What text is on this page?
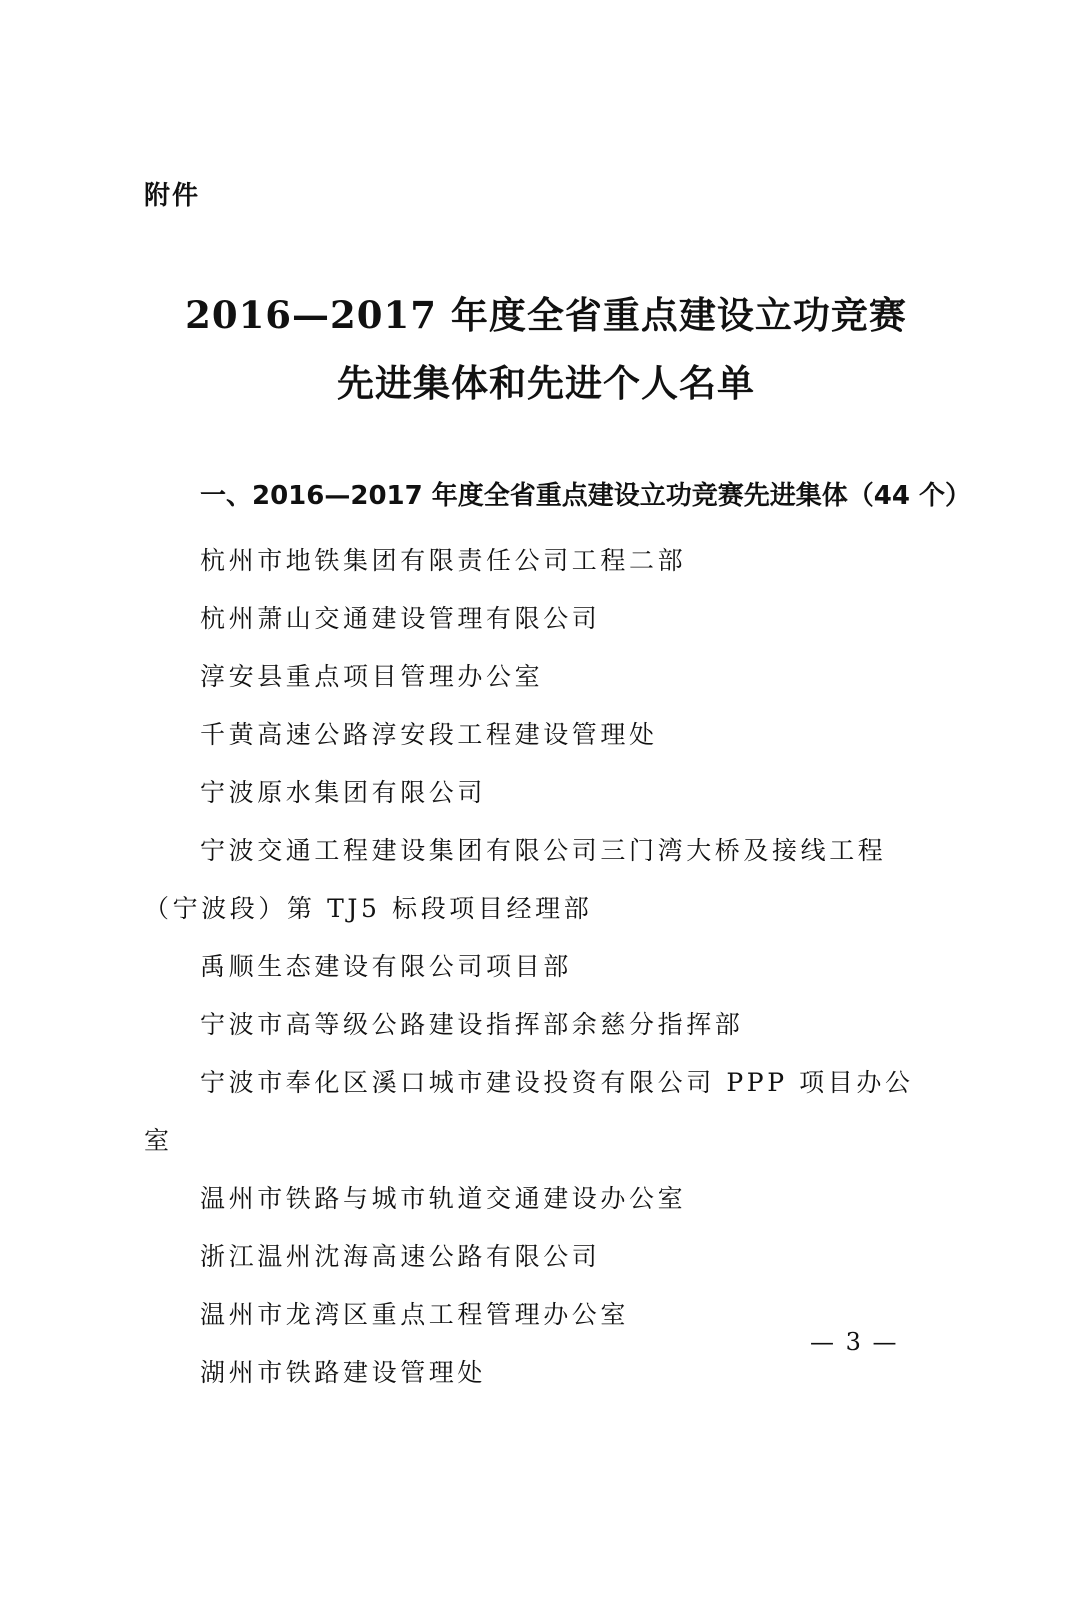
附件
2016—2017 年度全省重点建设立功竞赛
先进集体和先进个人名单
一、2016—2017 年度全省重点建设立功竞赛先进集体（44 个）
杭州市地铁集团有限责任公司工程二部
杭州萧山交通建设管理有限公司
淳安县重点项目管理办公室
千黄高速公路淳安段工程建设管理处
宁波原水集团有限公司
宁波交通工程建设集团有限公司三门湾大桥及接线工程（宁波段）第 TJ5 标段项目经理部
禹顺生态建设有限公司项目部
宁波市高等级公路建设指挥部余慈分指挥部
宁波市奉化区溪口城市建设投资有限公司 PPP 项目办公室
温州市铁路与城市轨道交通建设办公室
浙江温州沈海高速公路有限公司
温州市龙湾区重点工程管理办公室
湖州市铁路建设管理处
— 3 —
